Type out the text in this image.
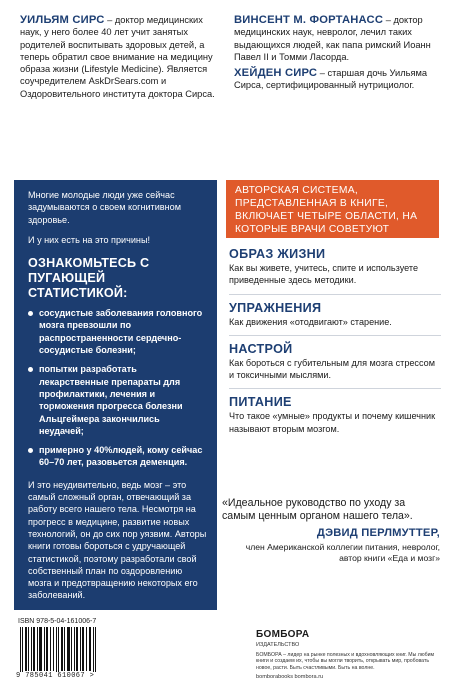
УИЛЬЯМ СИРС – доктор медицинских наук, у него более 40 лет учит занятых родителей воспитывать здоровых детей, а теперь обратил свое внимание на медицину образа жизни (Lifestyle Medicine). Является соучредителем AskDrSears.com и Оздоровительного института доктора Сирса.

ВИНСЕНТ М. ФОРТАНАСС – доктор медицинских наук, невролог, лечил таких выдающихся людей, как папа римский Иоанн Павел II и Томми Ласорда.

ХЕЙДЕН СИРС – старшая дочь Уильяма Сирса, сертифицированный нутрициолог.

Многие молодые люди уже сейчас задумываются о своем когнитивном здоровье.

И у них есть на это причины!

ОЗНАКОМЬТЕСЬ С ПУГАЮЩЕЙ СТАТИСТИКОЙ:
сосудистые заболевания головного мозга превзошли по распространенности сердечно-сосудистые болезни;
попытки разработать лекарственные препараты для профилактики, лечения и торможения прогресса болезни Альцгеймера закончились неудачей;
примерно у 40%людей, кому сейчас 60–70 лет, разовьется деменция.

И это неудивительно, ведь мозг – это самый сложный орган, отвечающий за работу всего нашего тела. Несмотря на прогресс в медицине, развитие новых технологий, он до сих пор уязвим. Авторы книги готовы бороться с удручающей статистикой, поэтому разработали свой собственный план по оздоровлению мозга и предотвращению некоторых его заболеваний.

АВТОРСКАЯ СИСТЕМА, ПРЕДСТАВЛЕННАЯ В КНИГЕ, ВКЛЮЧАЕТ ЧЕТЫРЕ ОБЛАСТИ, НА КОТОРЫЕ ВРАЧИ СОВЕТУЮТ ОБРАТИТЬ ВНИМАНИЕ:

ОБРАЗ ЖИЗНИ
Как вы живете, учитесь, спите и используете приведенные здесь методики.
УПРАЖНЕНИЯ
Как движения «отодвигают» старение.
НАСТРОЙ
Как бороться с губительным для мозга стрессом и токсичными мыслями.
ПИТАНИЕ
Что такое «умные» продукты и почему кишечник называют вторым мозгом.

«Идеальное руководство по уходу за самым ценным органом нашего тела».

ДЭВИД ПЕРЛМУТТЕР,
член Американской коллегии питания, невролог, автор книги «Еда и мозг»
ISBN 978-5-04-161006-7
9 785041 610067 >
БОМБОРА
ИЗДАТЕЛЬСТВО
БОМБОРА – лидер на рынке полезных и вдохновляющих книг. Мы любим книги и создаем их, чтобы вы могли творить, открывать мир, пробовать новое, расти. Быть счастливыми. Быть на волне.
bomborabooks bombora.ru
